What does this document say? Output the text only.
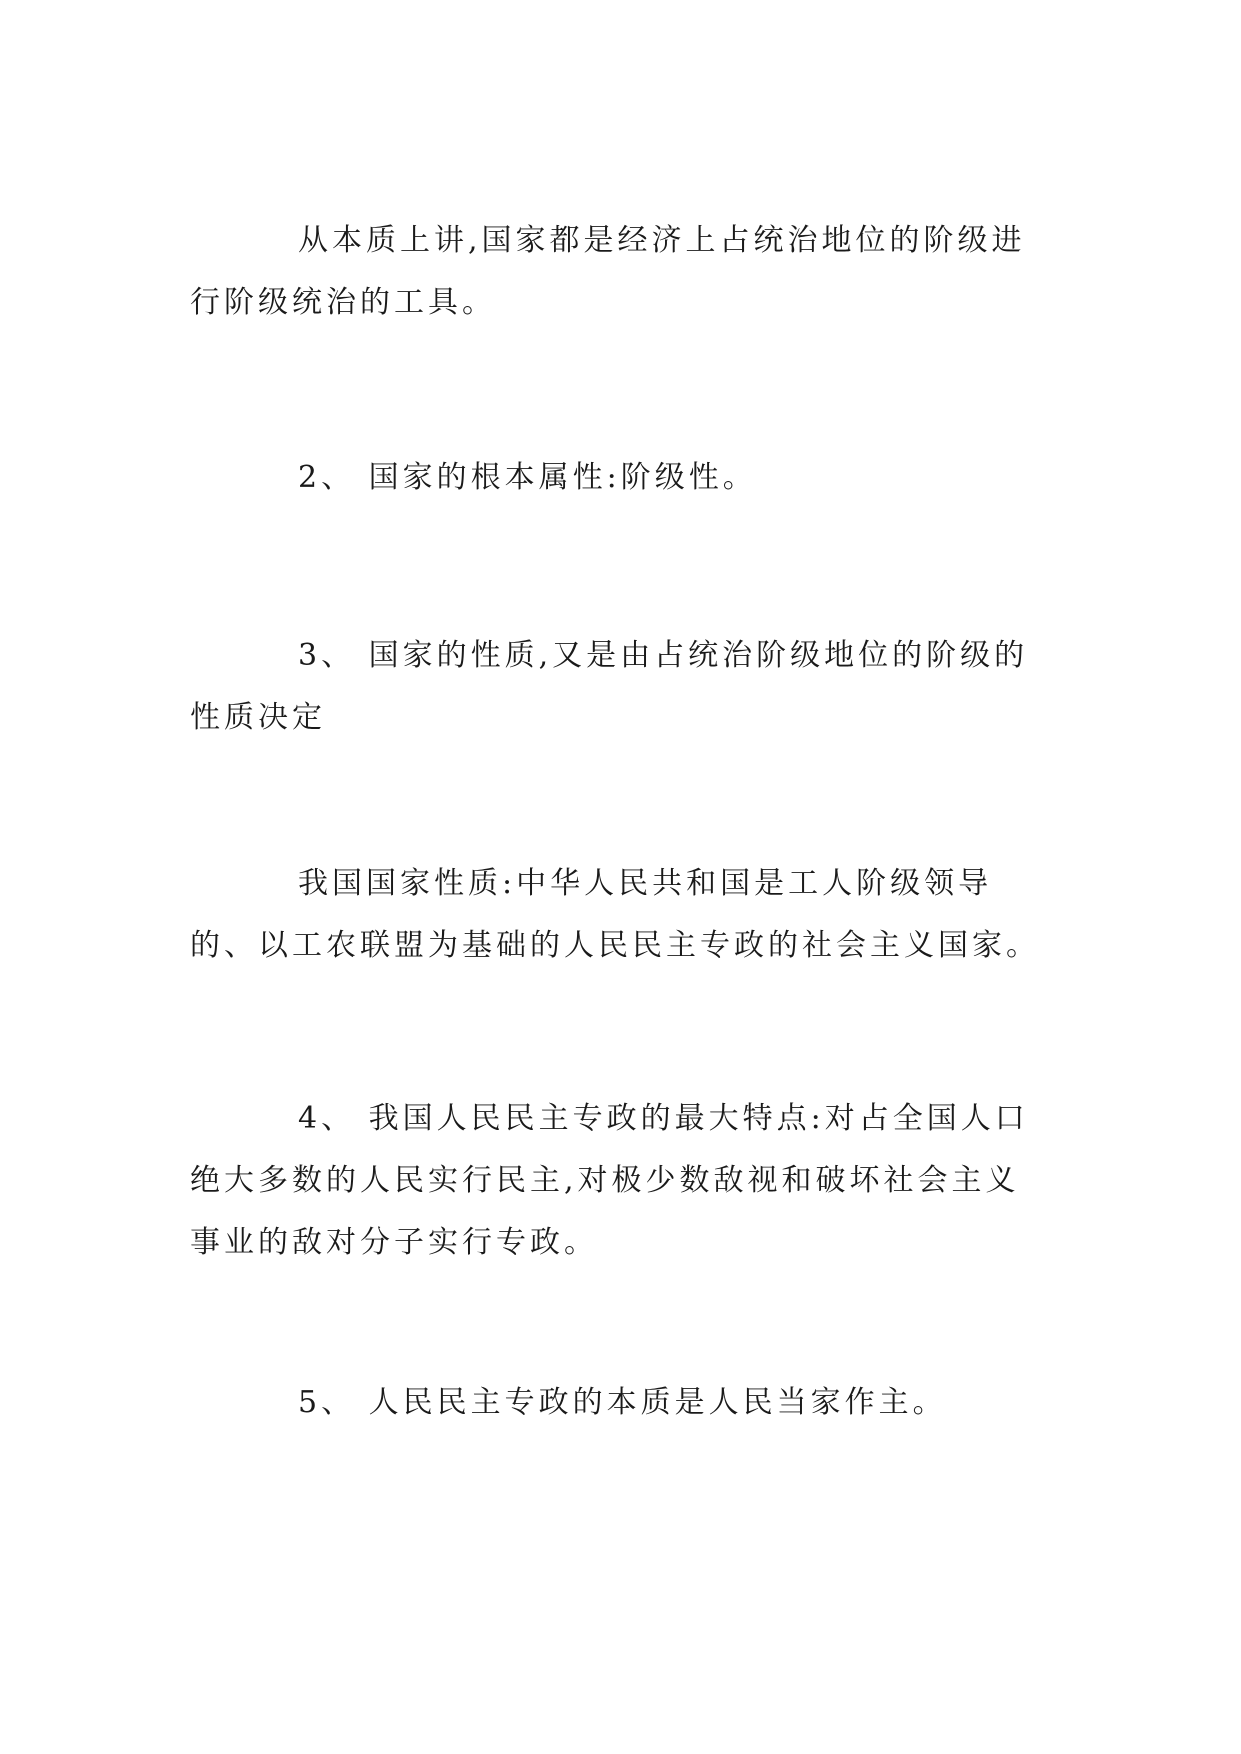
从本质上讲,国家都是经济上占统治地位的阶级进行阶级统治的工具。

2、 国家的根本属性:阶级性。

3、 国家的性质,又是由占统治阶级地位的阶级的性质决定

我国国家性质:中华人民共和国是工人阶级领导的、以工农联盟为基础的人民民主专政的社会主义国家。

4、 我国人民民主专政的最大特点:对占全国人口绝大多数的人民实行民主,对极少数敌视和破坏社会主义事业的敌对分子实行专政。

5、 人民民主专政的本质是人民当家作主。
